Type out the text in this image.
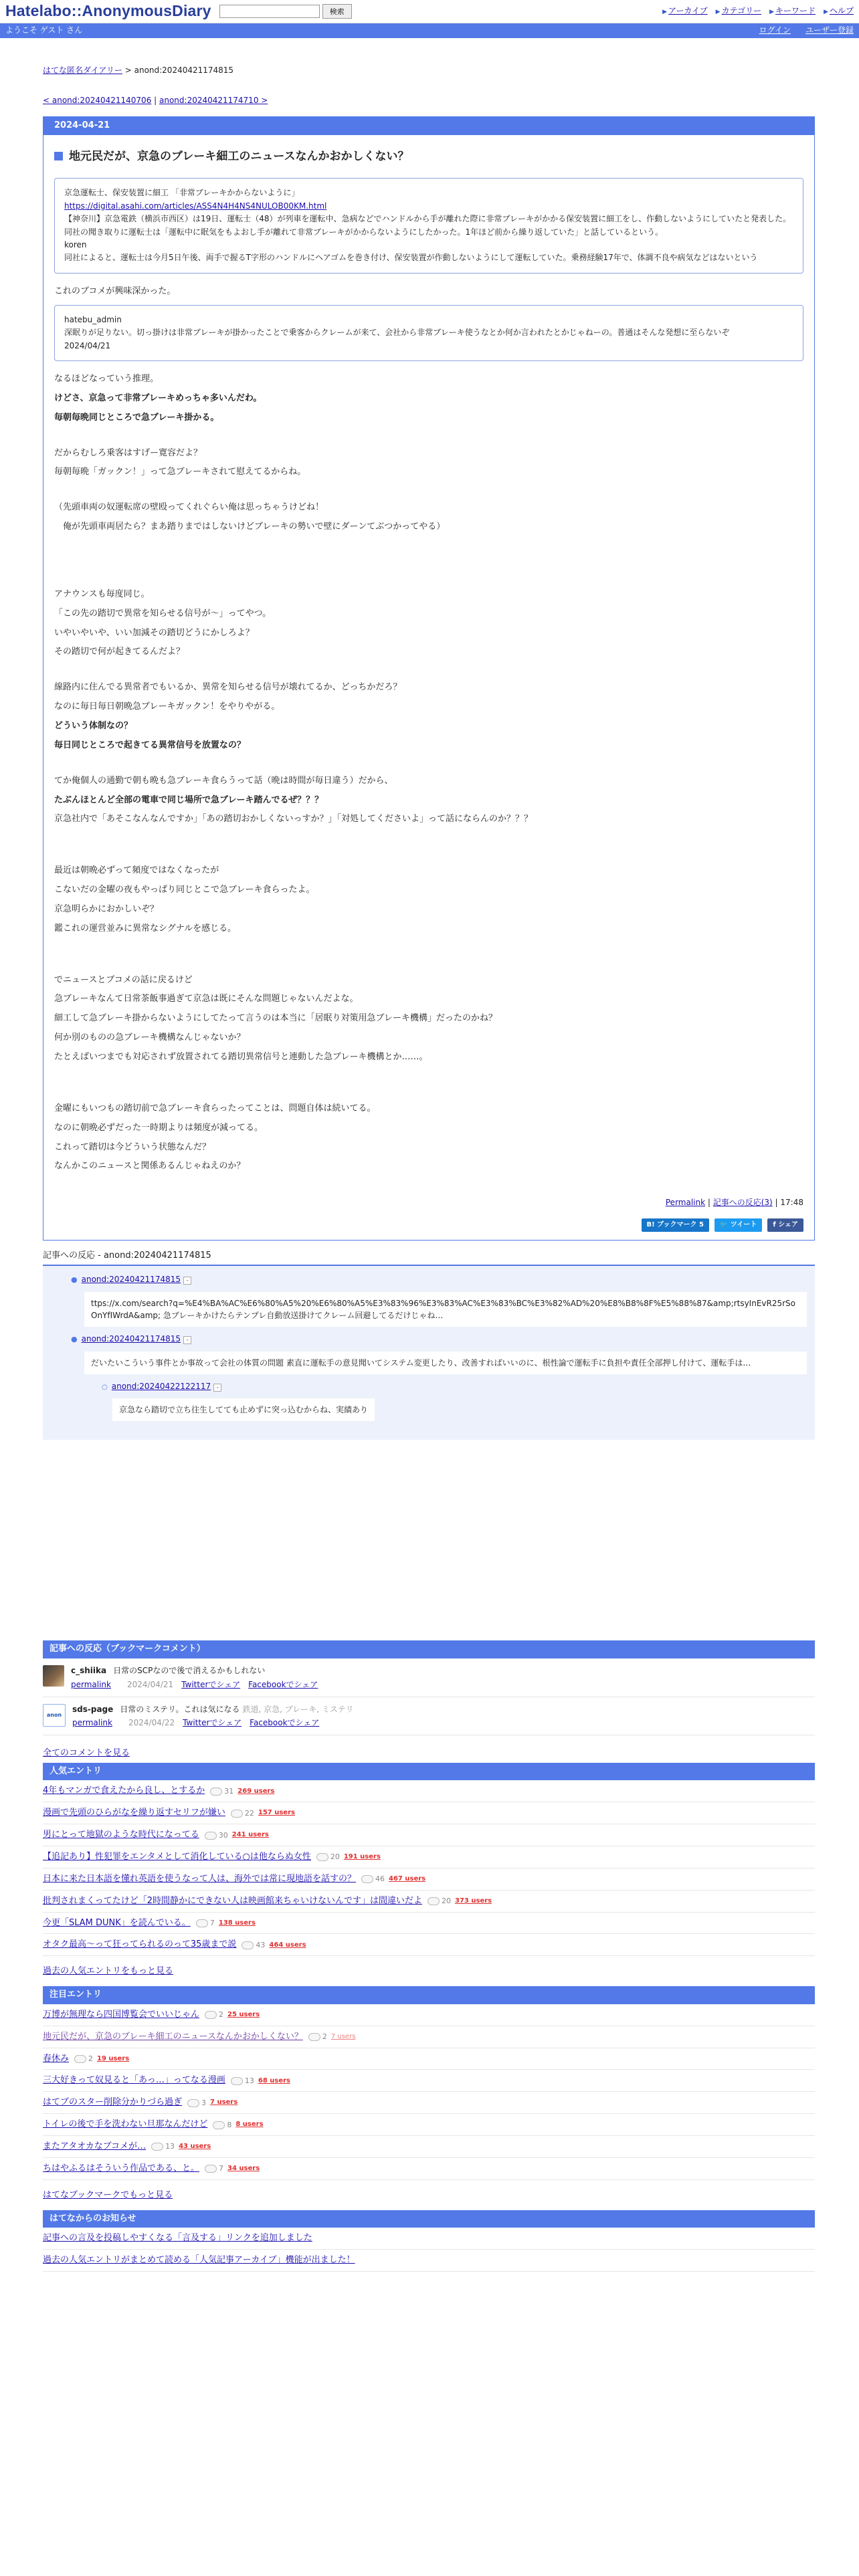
Hatelabo::AnonymousDiary	検索	▶ アーカイブ ▶ カテゴリー ▶ キーワード ▶ ヘルプ
ようこそ ゲスト さん	ログイン ユーザー登録
はてな匿名ダイアリー > anond:20240421174815
< anond:20240421140706 | anond:20240421174710 >
2024-04-21
地元民だが、京急のブレーキ細工のニュースなんかおかしくない？

京急運転士、保安装置に細工 「非常ブレーキかからないように」

https://digital.asahi.com/articles/ASS4N4H4NS4NULOB00KM.html

【神奈川】京急電鉄（横浜市西区）は19日、運転士（48）が列車を運転中、急病などでハンドルから手が離れた際に非常ブレーキがかかる保安装置に細工をし、作動しないようにしていたと発表した。

同社の聞き取りに運転士は「運転中に眠気をもよおし手が離れて非常ブレーキがかからないようにしたかった。1年ほど前から繰り返していた」と話しているという。

koren

同社によると、運転士は今月5日午後、両手で握るT字形のハンドルにヘアゴムを巻き付け、保安装置が作動しないようにして運転していた。乗務経験17年で、体調不良や病気などはないという

これのブコメが興味深かった。

hatebu_admin

深眠りが足りない。切っ掛けは非常ブレーキが掛かったことで乗客からクレームが来て、会社から非常ブレーキ使うなとか何か言われたとかじゃねーの。普通はそんな発想に至らないぞ

2024/04/21

なるほどなっていう推理。

けどさ、京急って非常ブレーキめっちゃ多いんだわ。

毎朝毎晩同じところで急ブレーキ掛かる。

だからむしろ乗客はすげー寛容だよ？

毎朝毎晩「ガックン！」って急ブレーキされて慰えてるからね。

（先頭車両の奴運転席の壁殴ってくれぐらい俺は思っちゃうけどね！

　俺が先頭車両居たら？まあ踏りまではしないけどブレーキの勢いで壁にダーンてぶつかってやる）

アナウンスも毎度同じ。

「この先の踏切で異常を知らせる信号が〜」ってやつ。

いやいやいや、いい加減その踏切どうにかしろよ？

その踏切で何が起きてるんだよ？

線路内に住んでる異常者でもいるか、異常を知らせる信号が壊れてるか、どっちかだろ？

なのに毎日毎日朝晩急ブレーキガックン！をやりやがる。

どういう体制なの？

毎日同じところで起きてる異常信号を放置なの？

てか俺個人の通勤で朝も晩も急ブレーキ食らうって話（晩は時間が毎日違う）だから、

たぶんほとんど全部の電車で同じ場所で急ブレーキ踏んでるぜ？？？

京急社内で「あそこなんなんですか」「あの踏切おかしくないっすか？」「対処してくださいよ」って話にならんのか？？？

最近は朝晩必ずって頻度ではなくなったが

こないだの金曜の夜もやっぱり同じとこで急ブレーキ食らったよ。

京急明らかにおかしいぞ？

鑑これの運営並みに異常なシグナルを感じる。

でニュースとブコメの話に戻るけど

急ブレーキなんて日常茶飯事過ぎて京急は既にそんな問題じゃないんだよな。

細工して急ブレーキ掛からないようにしてたって言うのは本当に「居眠り対策用急ブレーキ機構」だったのかね？

何か別のものの急ブレーキ機構なんじゃないか？

たとえばいつまでも対応されず放置されてる踏切異常信号と連動した急ブレーキ機構とか……。

金曜にもいつもの踏切前で急ブレーキ食らったってことは、問題自体は続いてる。

なのに朝晩必ずだった一時期よりは頻度が減ってる。

これって踏切は今どういう状態なんだ？

なんかこのニュースと関係あるんじゃねえのか？

Permalink | 記事への反応(3) | 17:48
B! ブックマーク 5	🐦 ツイート	f シェア
記事への反応 - anond:20240421174815
● anond:20240421174815 -
ttps://x.com/search?q=%E4%BA%AC%E6%80%A5%20%E6%80%A5%E3%83%96%E3%83%AC%E3%83%BC%E3%82%AD%20%E8%B8%8F%E5%88%87&amp;rtsyInEvR25rSoOnYfIWrdA&amp; 急ブレーキかけたらテンプレ自動放送掛けてクレーム回避してるだけじゃね…
● anond:20240421174815 -
だいたいこういう事件とか事故って会社の体質の問題 素直に運転手の意見聞いてシステム変更したり、改善すればいいのに、根性論で運転手に負担や責任全部押し付けて、運転手は…
○ anond:20240422122117 -
京急なら踏切で立ち往生してても止めずに突っ込むからね、実績あり
記事への反応（ブックマークコメント）
c_shiika 日常のSCPなので後で消えるかもしれない
permalink 2024/04/21 Twitterでシェア Facebookでシェア
anon
sds-page 日常のミステリ。これは気になる 鉄道, 京急, ブレーキ, ミステリ
permalink 2024/04/22 Twitterでシェア Facebookでシェア
全てのコメントを見る
人気エントリ
4年もマンガで食えたから良し、とするか	31 269 users
漫画で先頭のひらがなを繰り返すセリフが嫌い	22 157 users
男にとって地獄のような時代になってる	30 241 users
【追記あり】性犯罪をエンタメとして消化している○は他ならぬ女性	20 191 users
日本に来た日本語を懂れ英語を使うなって人は、海外では常に現地語を話すの？	46 467 users
批判されまくってたけど「2時間静かにできない人は映画館来ちゃいけないんです」は間違いだよ	20 373 users
今更「SLAM DUNK」を読んでいる。	7 138 users
オタク最高〜って狂ってられるのって35歳まで説	43 464 users
過去の人気エントリをもっと見る
注目エントリ
万博が無理なら四国博覧会でいいじゃん	2 25 users
地元民だが、京急のブレーキ細工のニュースなんかおかしくない？	2 7 users
春休み	2 19 users
三大好きって奴見ると「あっ…」ってなる漫画	13 68 users
はてブのスター削除分かりづら過ぎ	3 7 users
トイレの後で手を洗わない旦那なんだけど	8 8 users
またアタオカなブコメが…	13 43 users
ちはやふるはそういう作品である、と。	7 34 users
はてなブックマークでもっと見る
はてなからのお知らせ
記事への言及を投稿しやすくなる「言及する」リンクを追加しました
過去の人気エントリがまとめて読める「人気記事アーカイブ」機能が出ました！
